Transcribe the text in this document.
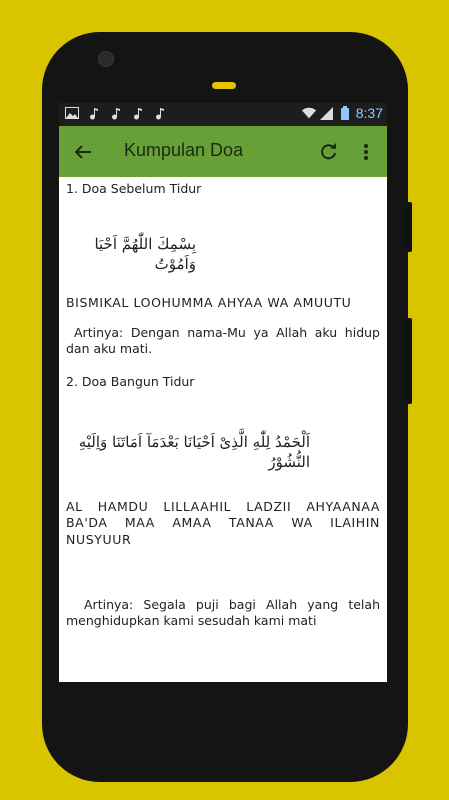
8:37
Kumpulan Doa
1. Doa Sebelum Tidur
بِسْمِكَ اللّٰهُمَّ اَحْيَا وَاَمُوْتُ
BISMIKAL LOOHUMMA AHYAA WA AMUUTU
Artinya: Dengan nama-Mu ya Allah aku hidup dan aku mati.
2. Doa Bangun Tidur
اَلْحَمْدُ لِلّٰهِ الَّذِىْ اَحْيَانَا بَعْدَمَآ اَمَاتَنَا وَاِلَيْهِ النُّشُوْرُ
AL HAMDU LILLAAHIL LADZII AHYAANAA BA'DA MAA AMAA TANAA WA ILAIHIN NUSYUUR
Artinya: Segala puji bagi Allah yang telah menghidupkan kami sesudah kami mati
